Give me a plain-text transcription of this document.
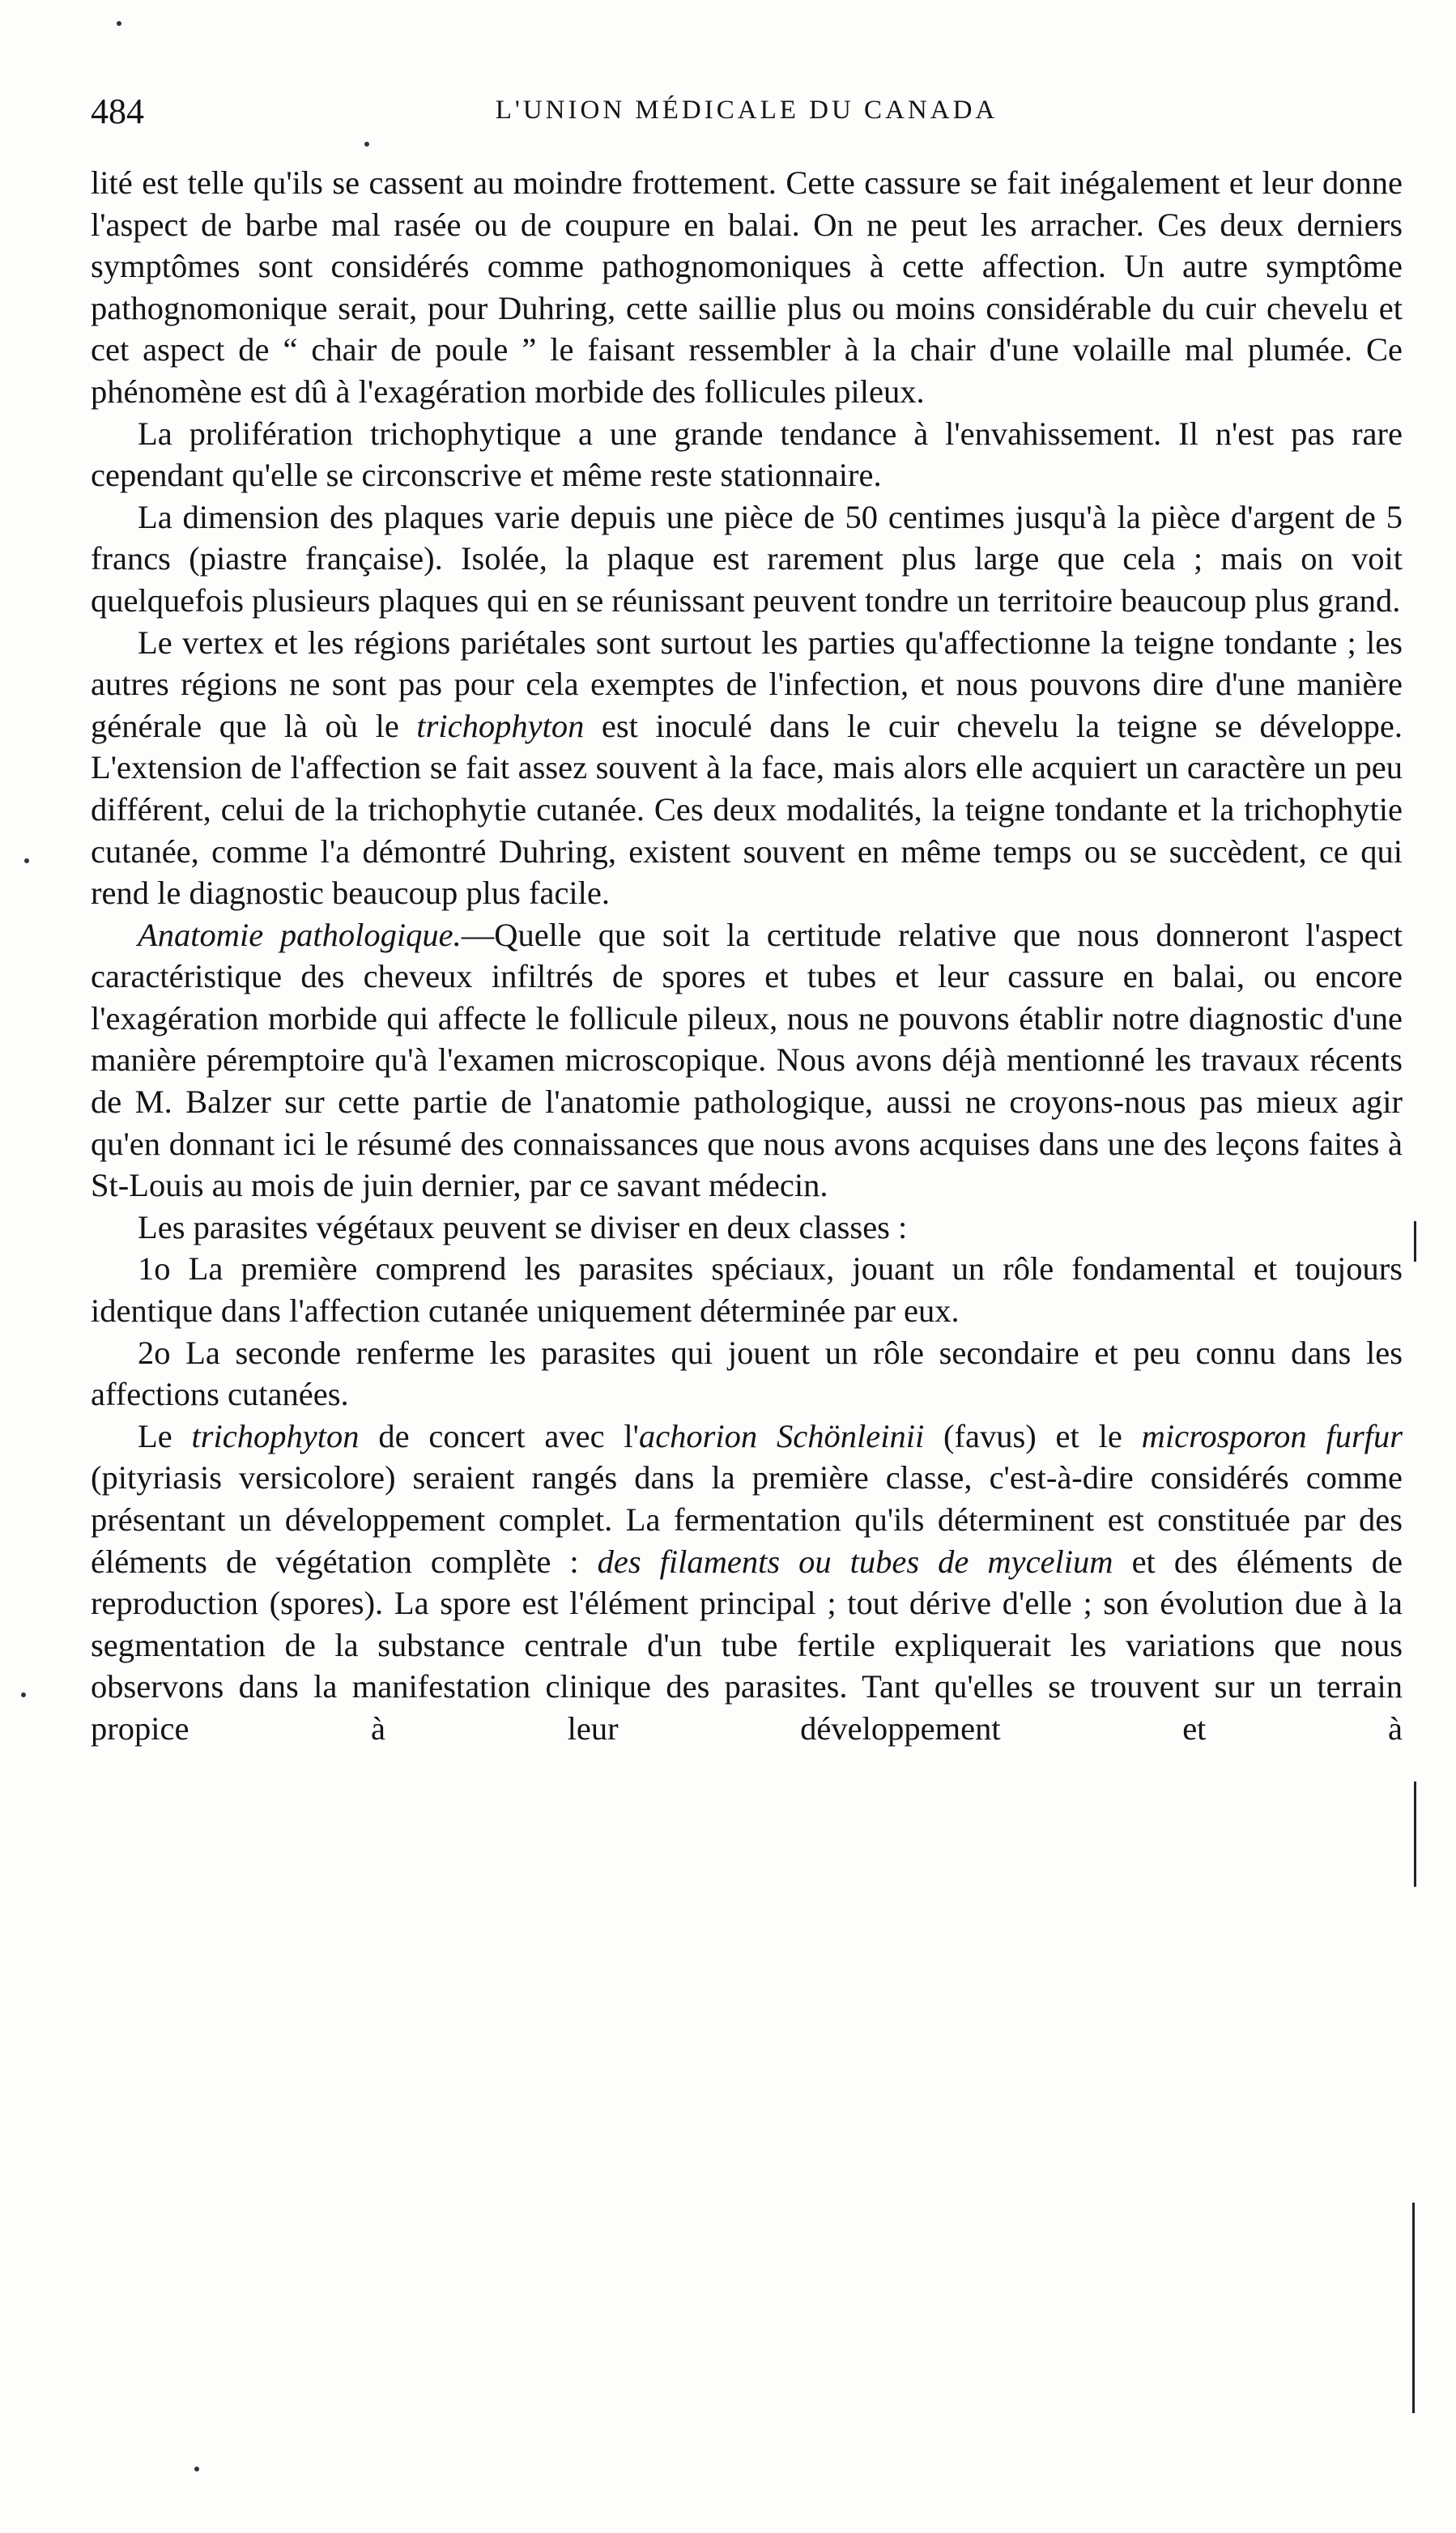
484	L'UNION MÉDICALE DU CANADA

lité est telle qu'ils se cassent au moindre frottement. Cette cassure se fait inégalement et leur donne l'aspect de barbe mal rasée ou de coupure en balai. On ne peut les arracher. Ces deux derniers symptômes sont considérés comme pathognomoniques à cette affection. Un autre symptôme pathognomonique serait, pour Duhring, cette saillie plus ou moins considérable du cuir chevelu et cet aspect de “ chair de poule ” le faisant ressembler à la chair d'une volaille mal plumée. Ce phénomène est dû à l'exagération morbide des follicules pileux.

La prolifération trichophytique a une grande tendance à l'envahissement. Il n'est pas rare cependant qu'elle se circonscrive et même reste stationnaire.

La dimension des plaques varie depuis une pièce de 50 centimes jusqu'à la pièce d'argent de 5 francs (piastre française). Isolée, la plaque est rarement plus large que cela ; mais on voit quelquefois plusieurs plaques qui en se réunissant peuvent tondre un territoire beaucoup plus grand.

Le vertex et les régions pariétales sont surtout les parties qu'affectionne la teigne tondante ; les autres régions ne sont pas pour cela exemptes de l'infection, et nous pouvons dire d'une manière générale que là où le trichophyton est inoculé dans le cuir chevelu la teigne se développe. L'extension de l'affection se fait assez souvent à la face, mais alors elle acquiert un caractère un peu différent, celui de la trichophytie cutanée. Ces deux modalités, la teigne tondante et la trichophytie cutanée, comme l'a démontré Duhring, existent souvent en même temps ou se succèdent, ce qui rend le diagnostic beaucoup plus facile.

Anatomie pathologique.—Quelle que soit la certitude relative que nous donneront l'aspect caractéristique des cheveux infiltrés de spores et tubes et leur cassure en balai, ou encore l'exagération morbide qui affecte le follicule pileux, nous ne pouvons établir notre diagnostic d'une manière péremptoire qu'à l'examen microscopique. Nous avons déjà mentionné les travaux récents de M. Balzer sur cette partie de l'anatomie pathologique, aussi ne croyons-nous pas mieux agir qu'en donnant ici le résumé des connaissances que nous avons acquises dans une des leçons faites à St-Louis au mois de juin dernier, par ce savant médecin.

Les parasites végétaux peuvent se diviser en deux classes :

1o La première comprend les parasites spéciaux, jouant un rôle fondamental et toujours identique dans l'affection cutanée uniquement déterminée par eux.

2o La seconde renferme les parasites qui jouent un rôle secondaire et peu connu dans les affections cutanées.

Le trichophyton de concert avec l'achorion Schönleinii (favus) et le microsporon furfur (pityriasis versicolore) seraient rangés dans la première classe, c'est-à-dire considérés comme présentant un développement complet. La fermentation qu'ils déterminent est constituée par des éléments de végétation complète : des filaments ou tubes de mycelium et des éléments de reproduction (spores). La spore est l'élément principal ; tout dérive d'elle ; son évolution due à la segmentation de la substance centrale d'un tube fertile expliquerait les variations que nous observons dans la manifestation clinique des parasites. Tant qu'elles se trouvent sur un terrain propice à leur développement et à
